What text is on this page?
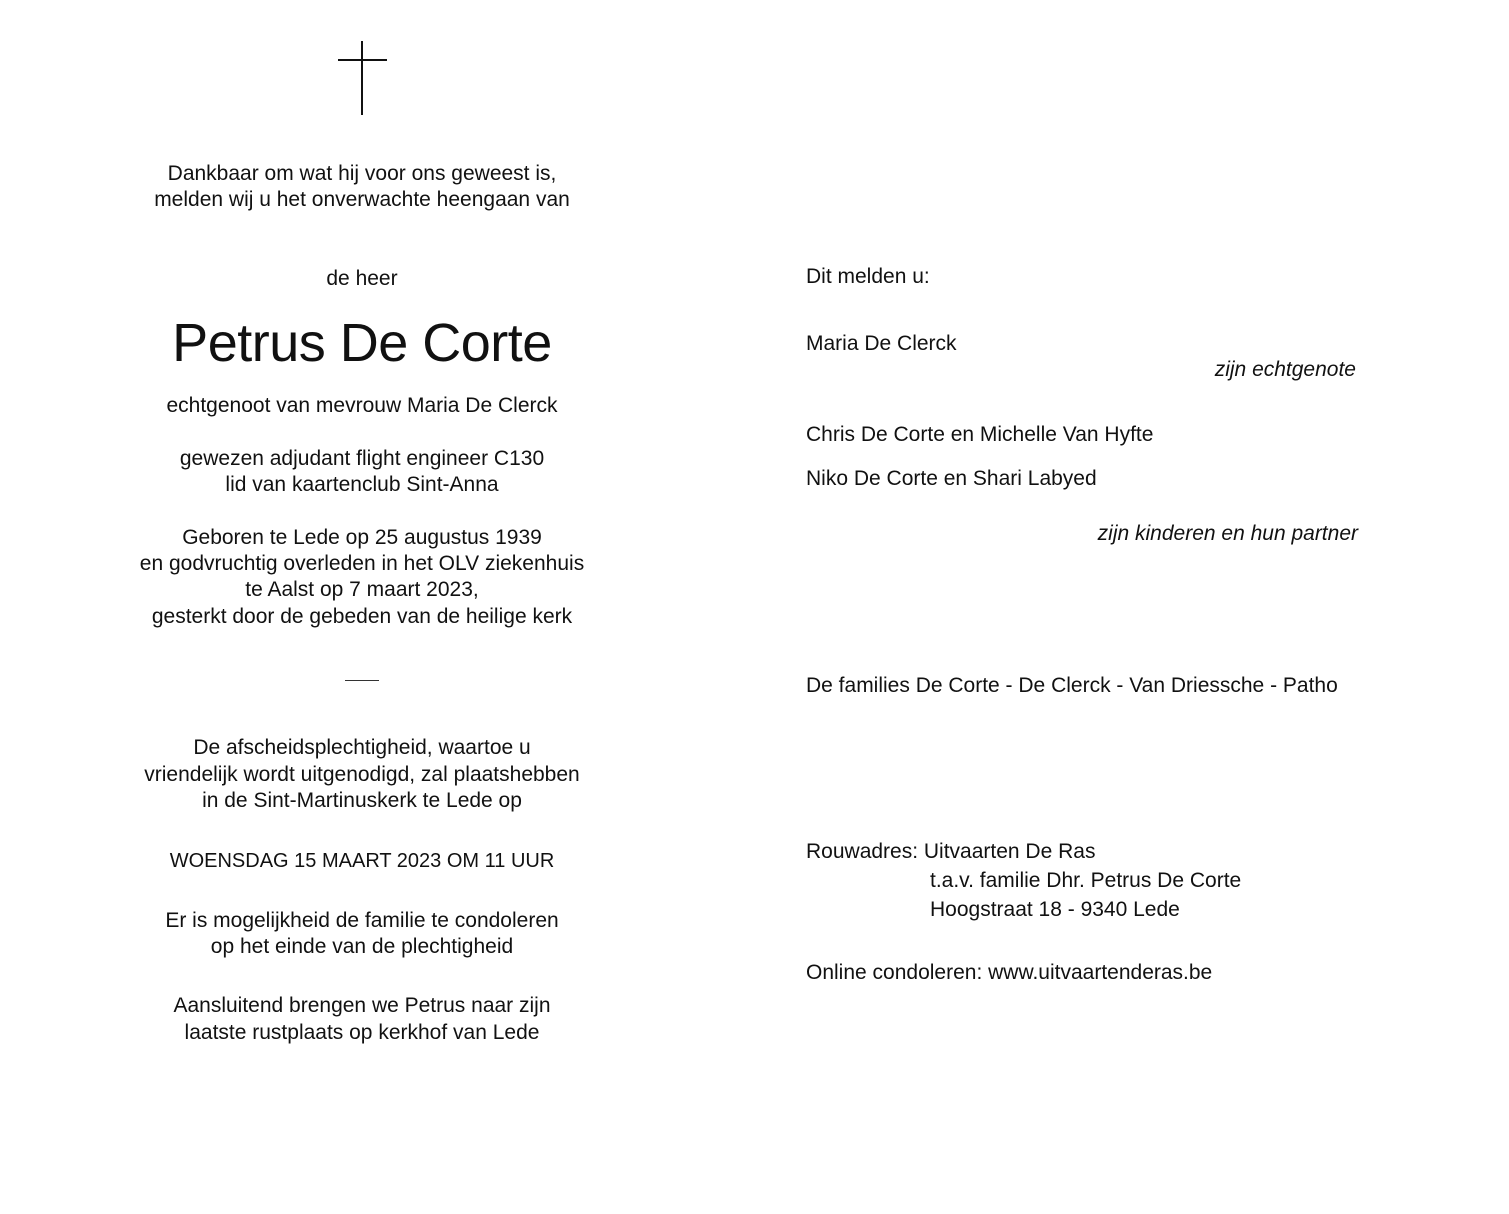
Dankbaar om wat hij voor ons geweest is,
melden wij u het onverwachte heengaan van
de heer
Petrus De Corte
echtgenoot van mevrouw Maria De Clerck
gewezen adjudant flight engineer C130
lid van kaartenclub Sint-Anna
Geboren te Lede op 25 augustus 1939
en godvruchtig overleden in het OLV ziekenhuis
te Aalst op 7 maart 2023,
gesterkt door de gebeden van de heilige kerk
De afscheidsplechtigheid, waartoe u
vriendelijk wordt uitgenodigd, zal plaatshebben
in de Sint-Martinuskerk te Lede op
WOENSDAG 15 MAART 2023 OM 11 UUR
Er is mogelijkheid de familie te condoleren
op het einde van de plechtigheid
Aansluitend brengen we Petrus naar zijn
laatste rustplaats op kerkhof van Lede
Dit melden u:
Maria De Clerck
zijn echtgenote
Chris De Corte en Michelle Van Hyfte
Niko De Corte en Shari Labyed
zijn kinderen en hun partner
De families De Corte - De Clerck - Van Driessche - Patho
Rouwadres: Uitvaarten De Ras
t.a.v. familie Dhr. Petrus De Corte
Hoogstraat 18 - 9340 Lede
Online condoleren: www.uitvaartenderas.be
